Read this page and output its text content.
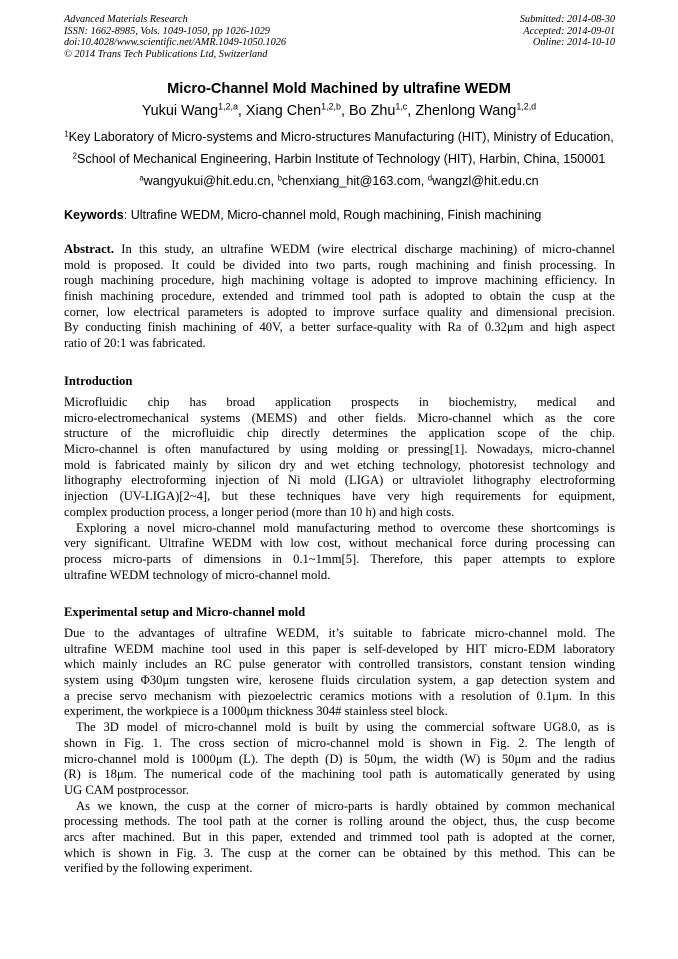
Advanced Materials Research
ISSN: 1662-8985, Vols. 1049-1050, pp 1026-1029
doi:10.4028/www.scientific.net/AMR.1049-1050.1026
© 2014 Trans Tech Publications Ltd, Switzerland
Submitted: 2014-08-30
Accepted: 2014-09-01
Online: 2014-10-10
Micro-Channel Mold Machined by ultrafine WEDM
Yukui Wang$^{1,2,a}$, Xiang Chen$^{1,2,b}$, Bo Zhu$^{1,c}$, Zhenlong Wang$^{1,2,d}$
$^1$Key Laboratory of Micro-systems and Micro-structures Manufacturing (HIT), Ministry of Education,
$^2$School of Mechanical Engineering, Harbin Institute of Technology (HIT), Harbin, China, 150001
$^a$wangyukui@hit.edu.cn, $^b$chenxiang_hit@163.com, $^d$wangzl@hit.edu.cn
Keywords: Ultrafine WEDM, Micro-channel mold, Rough machining, Finish machining
Abstract. In this study, an ultrafine WEDM (wire electrical discharge machining) of micro-channel
mold is proposed. It could be divided into two parts, rough machining and finish processing. In
rough machining procedure, high machining voltage is adopted to improve machining efficiency. In
finish machining procedure, extended and trimmed tool path is adopted to obtain the cusp at the
corner, low electrical parameters is adopted to improve surface quality and dimensional precision.
By conducting finish machining of 40V, a better surface-quality with Ra of 0.32μm and high aspect
ratio of 20:1 was fabricated.
Introduction
Microfluidic chip has broad application prospects in biochemistry, medical and
micro-electromechanical systems (MEMS) and other fields. Micro-channel which as the core
structure of the microfluidic chip directly determines the application scope of the chip.
Micro-channel is often manufactured by using molding or pressing[1]. Nowadays, micro-channel
mold is fabricated mainly by silicon dry and wet etching technology, photoresist technology and
lithography electroforming injection of Ni mold (LIGA) or ultraviolet lithography electroforming
injection (UV-LIGA)[2~4], but these techniques have very high requirements for equipment,
complex production process, a longer period (more than 10 h) and high costs.
Exploring a novel micro-channel mold manufacturing method to overcome these shortcomings is
very significant. Ultrafine WEDM with low cost, without mechanical force during processing can
process micro-parts of dimensions in 0.1~1mm[5]. Therefore, this paper attempts to explore
ultrafine WEDM technology of micro-channel mold.
Experimental setup and Micro-channel mold
Due to the advantages of ultrafine WEDM, it’s suitable to fabricate micro-channel mold. The
ultrafine WEDM machine tool used in this paper is self-developed by HIT micro-EDM laboratory
which mainly includes an RC pulse generator with controlled transistors, constant tension winding
system using Φ30μm tungsten wire, kerosene fluids circulation system, a gap detection system and
a precise servo mechanism with piezoelectric ceramics motions with a resolution of 0.1μm. In this
experiment, the workpiece is a 1000μm thickness 304# stainless steel block.
The 3D model of micro-channel mold is built by using the commercial software UG8.0, as is
shown in Fig. 1. The cross section of micro-channel mold is shown in Fig. 2. The length of
micro-channel mold is 1000μm (L). The depth (D) is 50μm, the width (W) is 50μm and the radius
(R) is 18μm. The numerical code of the machining tool path is automatically generated by using
UG CAM postprocessor.
As we known, the cusp at the corner of micro-parts is hardly obtained by common mechanical
processing methods. The tool path at the corner is rolling around the object, thus, the cusp become
arcs after machined. But in this paper, extended and trimmed tool path is adopted at the corner,
which is shown in Fig. 3. The cusp at the corner can be obtained by this method. This can be
verified by the following experiment.
